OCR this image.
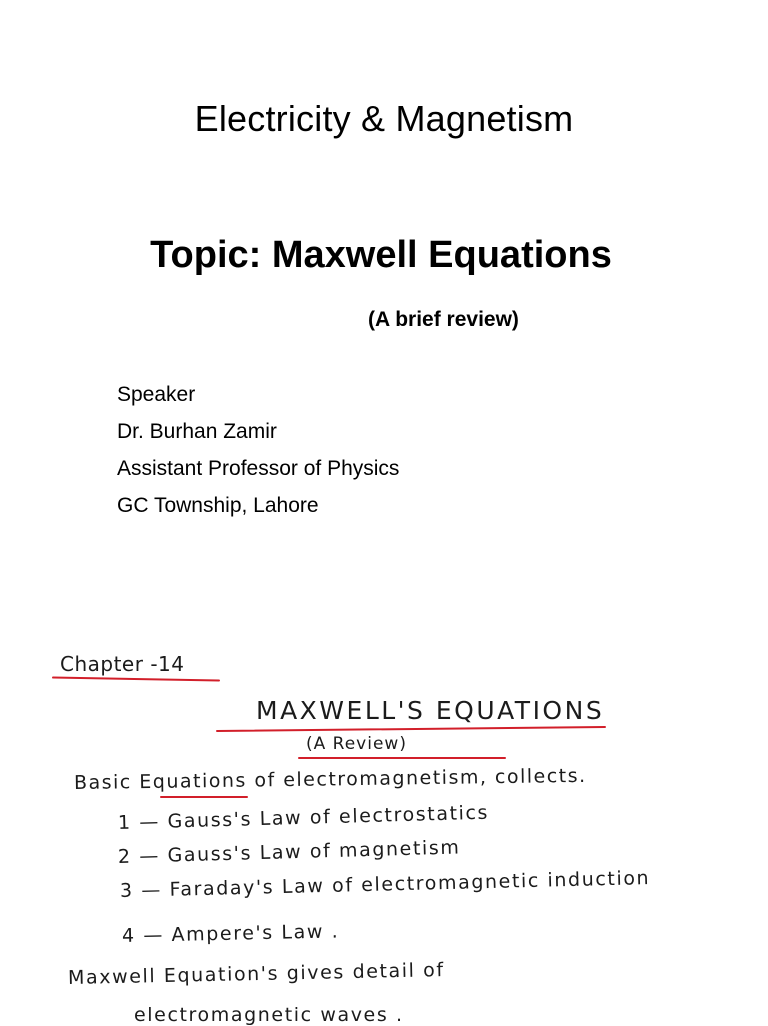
Electricity & Magnetism
Topic: Maxwell Equations
(A brief review)
Speaker
Dr. Burhan Zamir
Assistant Professor of Physics
GC Township, Lahore
Chapter -14
MAXWELL'S EQUATIONS
(A Review)
Basic Equations of electromagnetism, collects.
1 — Gauss's Law of electrostatics
2 — Gauss's Law of magnetism
3 — Faraday's Law of electromagnetic induction
4 — Ampere's Law .
Maxwell Equation's gives detail of
electromagnetic waves .
